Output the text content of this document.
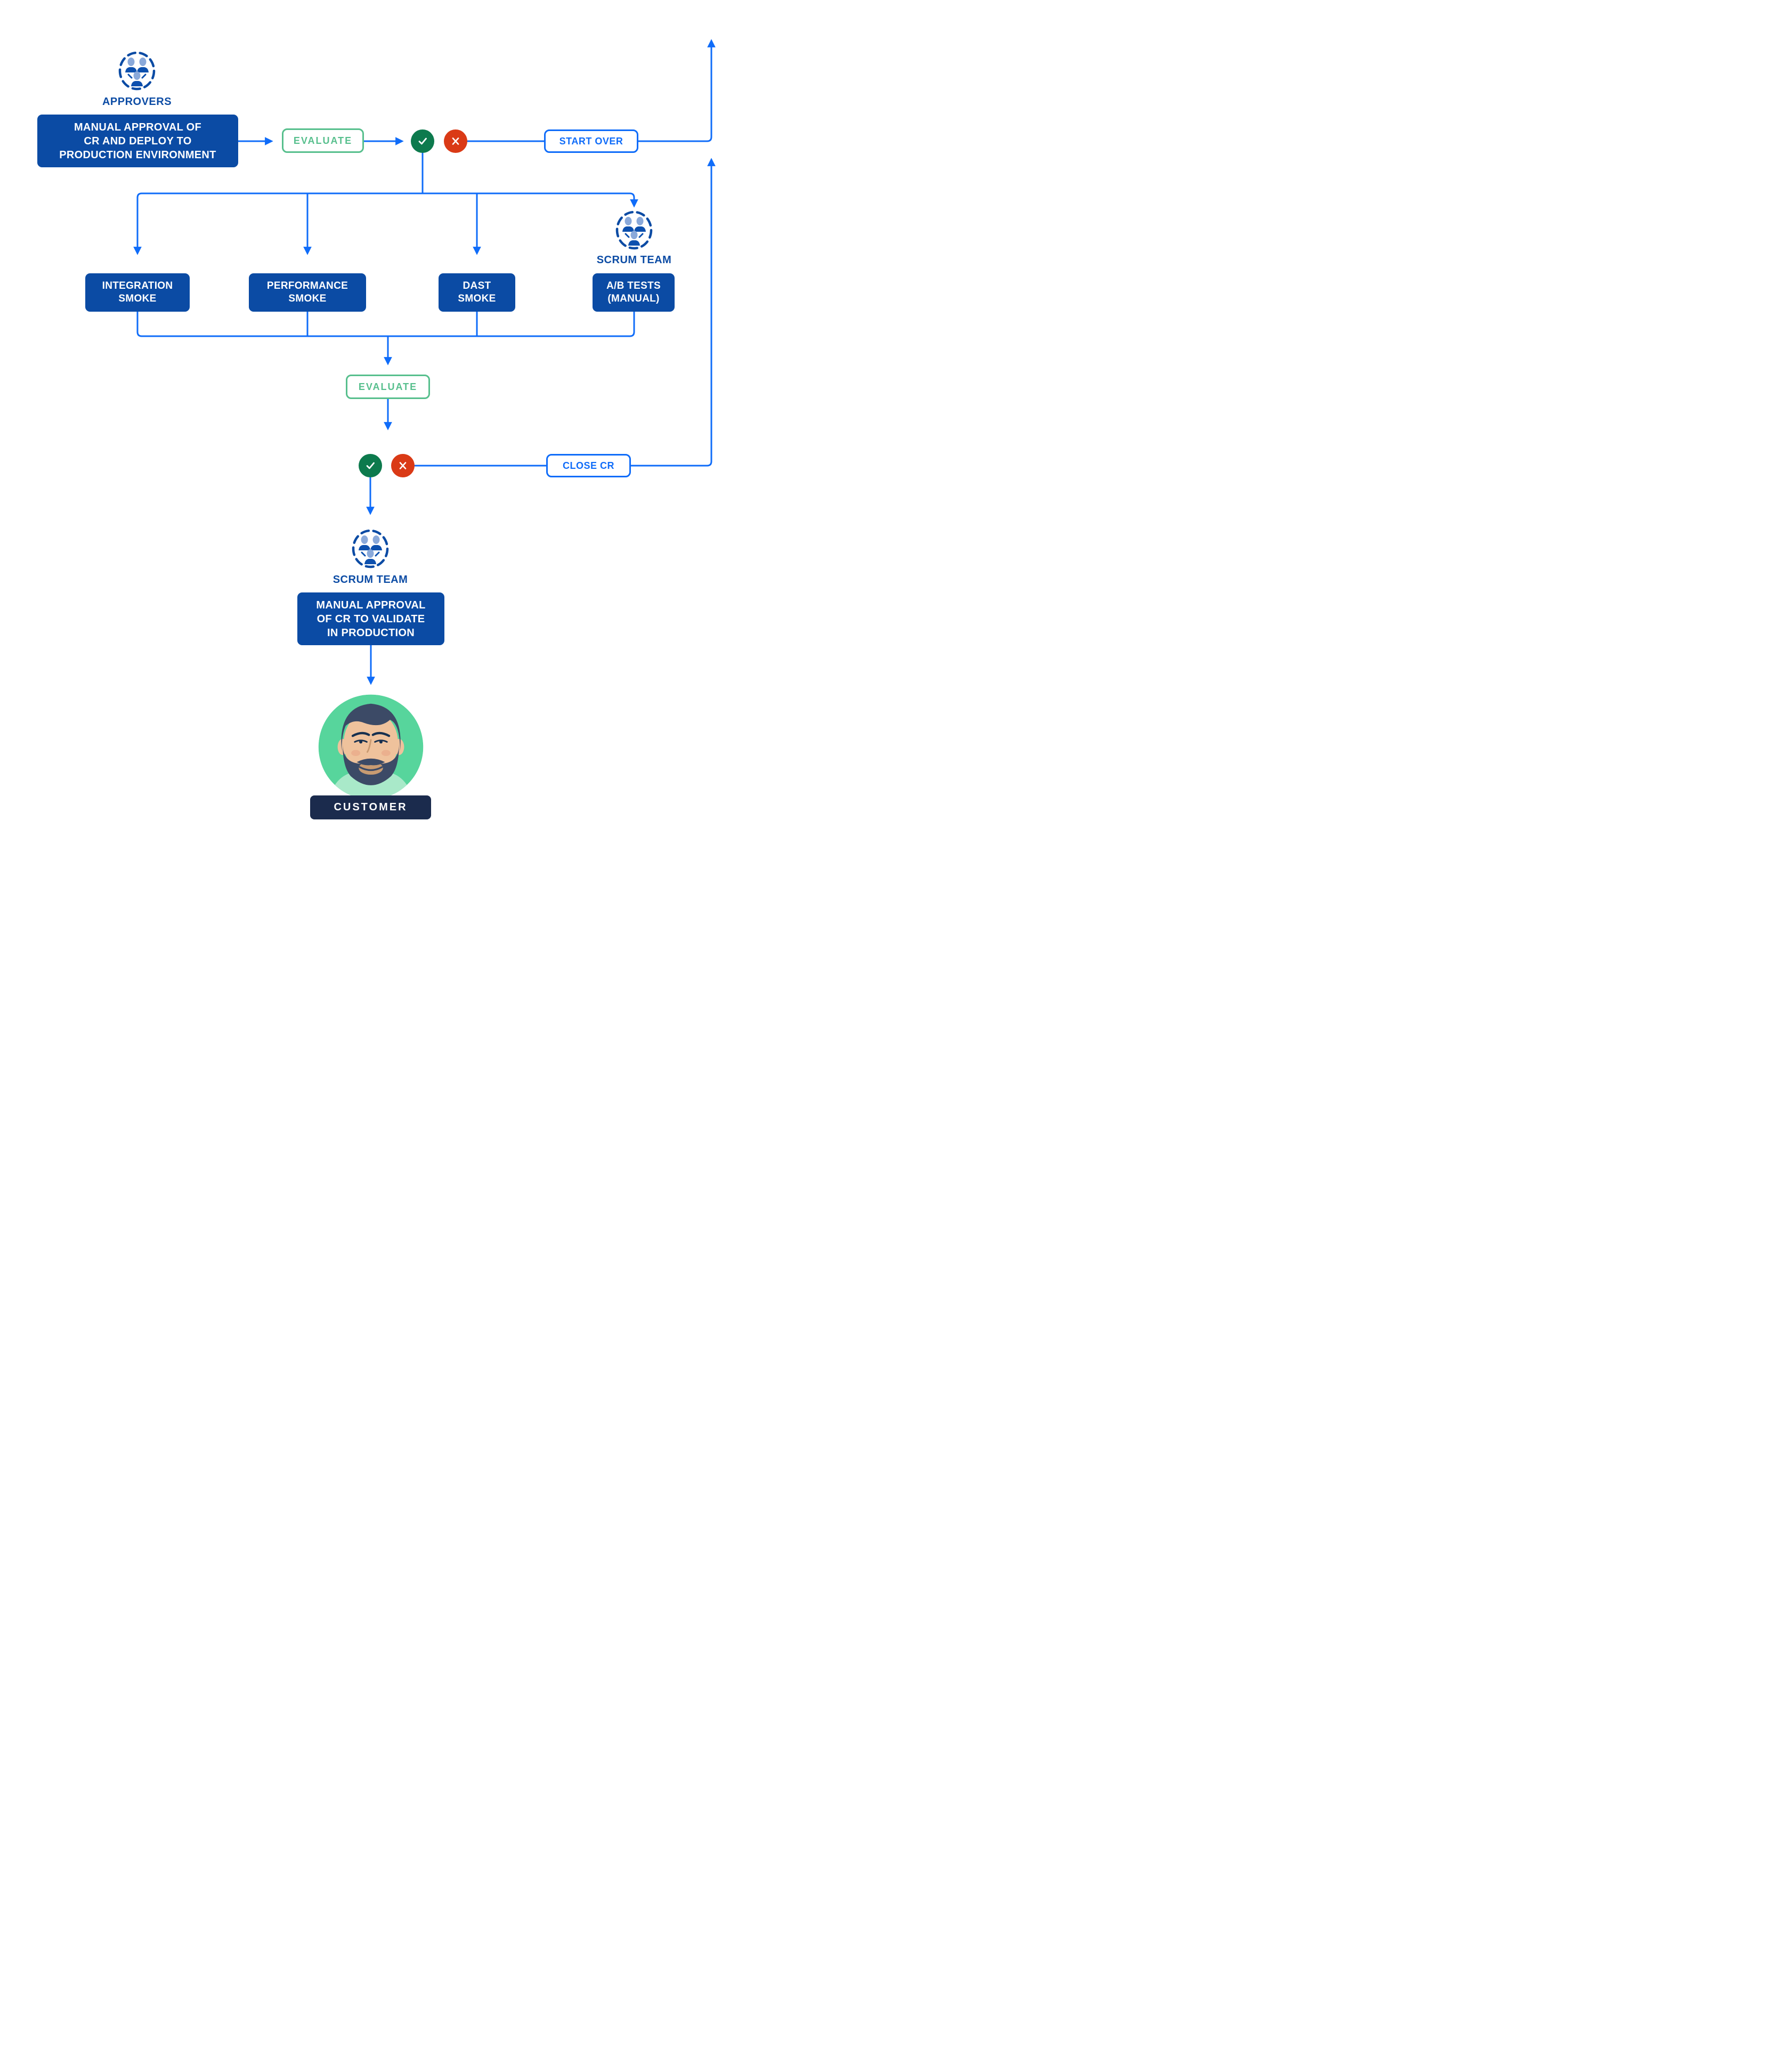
APPROVERS
MANUAL APPROVAL OF
CR AND DEPLOY TO
PRODUCTION ENVIRONMENT
EVALUATE	START OVER
SCRUM TEAM
INTEGRATION
SMOKE
PERFORMANCE
SMOKE
DAST
SMOKE
A/B TESTS
(MANUAL)
EVALUATE
CLOSE CR
SCRUM TEAM
MANUAL APPROVAL
OF CR TO VALIDATE
IN PRODUCTION
CUSTOMER
